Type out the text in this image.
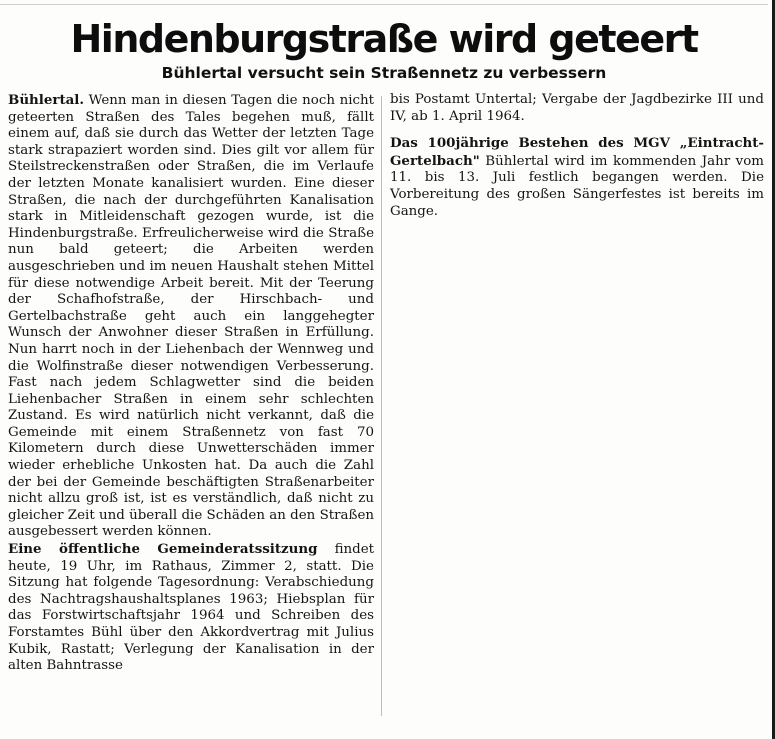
Hindenburgstraße wird geteert
Bühlertal versucht sein Straßennetz zu verbessern

Bühlertal. Wenn man in diesen Tagen die noch nicht geteerten Straßen des Tales begehen muß, fällt einem auf, daß sie durch das Wetter der letzten Tage stark strapaziert worden sind. Dies gilt vor allem für Steilstreckenstraßen oder Straßen, die im Verlaufe der letzten Monate kanalisiert wurden. Eine dieser Straßen, die nach der durchgeführten Kanalisation stark in Mitleidenschaft gezogen wurde, ist die Hindenburgstraße. Erfreulicherweise wird die Straße nun bald geteert; die Arbeiten werden ausgeschrieben und im neuen Haushalt stehen Mittel für diese notwendige Arbeit bereit. Mit der Teerung der Schafhofstraße, der Hirschbach- und Gertelbachstraße geht auch ein langgehegter Wunsch der Anwohner dieser Straßen in Erfüllung. Nun harrt noch in der Liehenbach der Wennweg und die Wolfinstraße dieser notwendigen Verbesserung. Fast nach jedem Schlagwetter sind die beiden Liehenbacher Straßen in einem sehr schlechten Zustand. Es wird natürlich nicht verkannt, daß die Gemeinde mit einem Straßennetz von fast 70 Kilometern durch diese Unwetterschäden immer wieder erhebliche Unkosten hat. Da auch die Zahl der bei der Gemeinde beschäftigten Straßenarbeiter nicht allzu groß ist, ist es verständlich, daß nicht zu gleicher Zeit und überall die Schäden an den Straßen ausgebessert werden können.

Eine öffentliche Gemeinderatssitzung findet heute, 19 Uhr, im Rathaus, Zimmer 2, statt. Die Sitzung hat folgende Tagesordnung: Verabschiedung des Nachtragshaushaltsplanes 1963; Hiebsplan für das Forstwirtschaftsjahr 1964 und Schreiben des Forstamtes Bühl über den Akkordvertrag mit Julius Kubik, Rastatt; Verlegung der Kanalisation in der alten Bahntrasse

bis Postamt Untertal; Vergabe der Jagdbezirke III und IV, ab 1. April 1964.

Das 100jährige Bestehen des MGV „Eintracht-Gertelbach" Bühlertal wird im kommenden Jahr vom 11. bis 13. Juli festlich begangen werden. Die Vorbereitung des großen Sängerfestes ist bereits im Gange.
